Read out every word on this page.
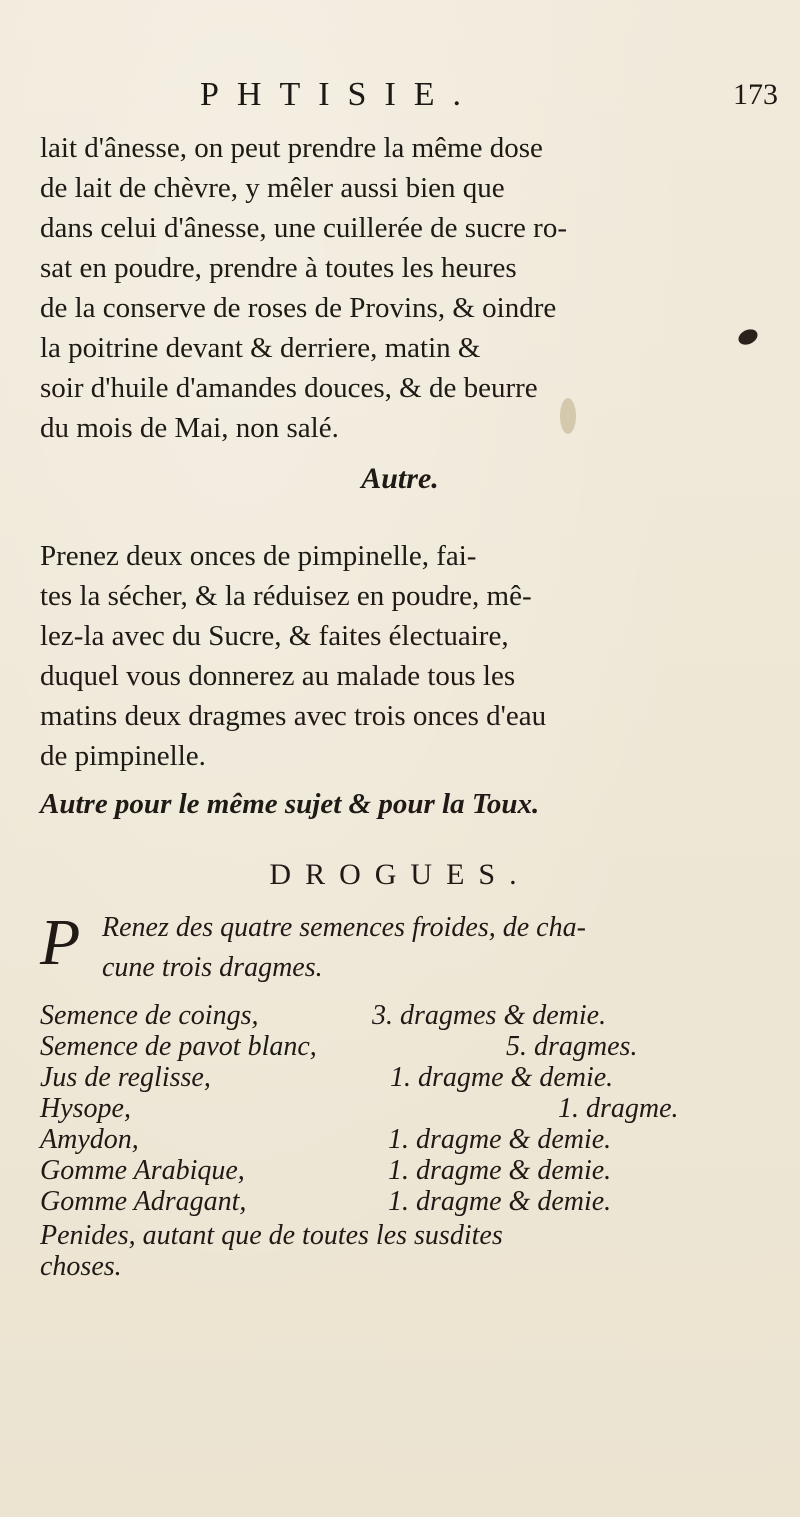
PHTISIE.	173
lait d'ânesse, on peut prendre la même dose
de lait de chèvre, y mêler aussi bien que
dans celui d'ânesse, une cuillerée de sucre ro-
sat en poudre, prendre à toutes les heures
de la conserve de roses de Provins, & oindre
la poitrine devant & derriere, matin &
soir d'huile d'amandes douces, & de beurre
du mois de Mai, non salé.
Autre.
Prenez deux onces de pimpinelle, fai-
tes la sécher, & la réduisez en poudre, mê-
lez-la avec du Sucre, & faites électuaire,
duquel vous donnerez au malade tous les
matins deux dragmes avec trois onces d'eau
de pimpinelle.
Autre pour le même sujet & pour la Toux.
DROGUES.
P Renez des quatre semences froides, de cha-
cune trois dragmes.
Semence de coings,	3. dragmes & demie.
Semence de pavot blanc,	5. dragmes.
Jus de reglisse,	1. dragme & demie.
Hysope,	1. dragme.
Amydon,	1. dragme & demie.
Gomme Arabique,	1. dragme & demie.
Gomme Adragant,	1. dragme & demie.
Penides, autant que de toutes les susdites
choses.
